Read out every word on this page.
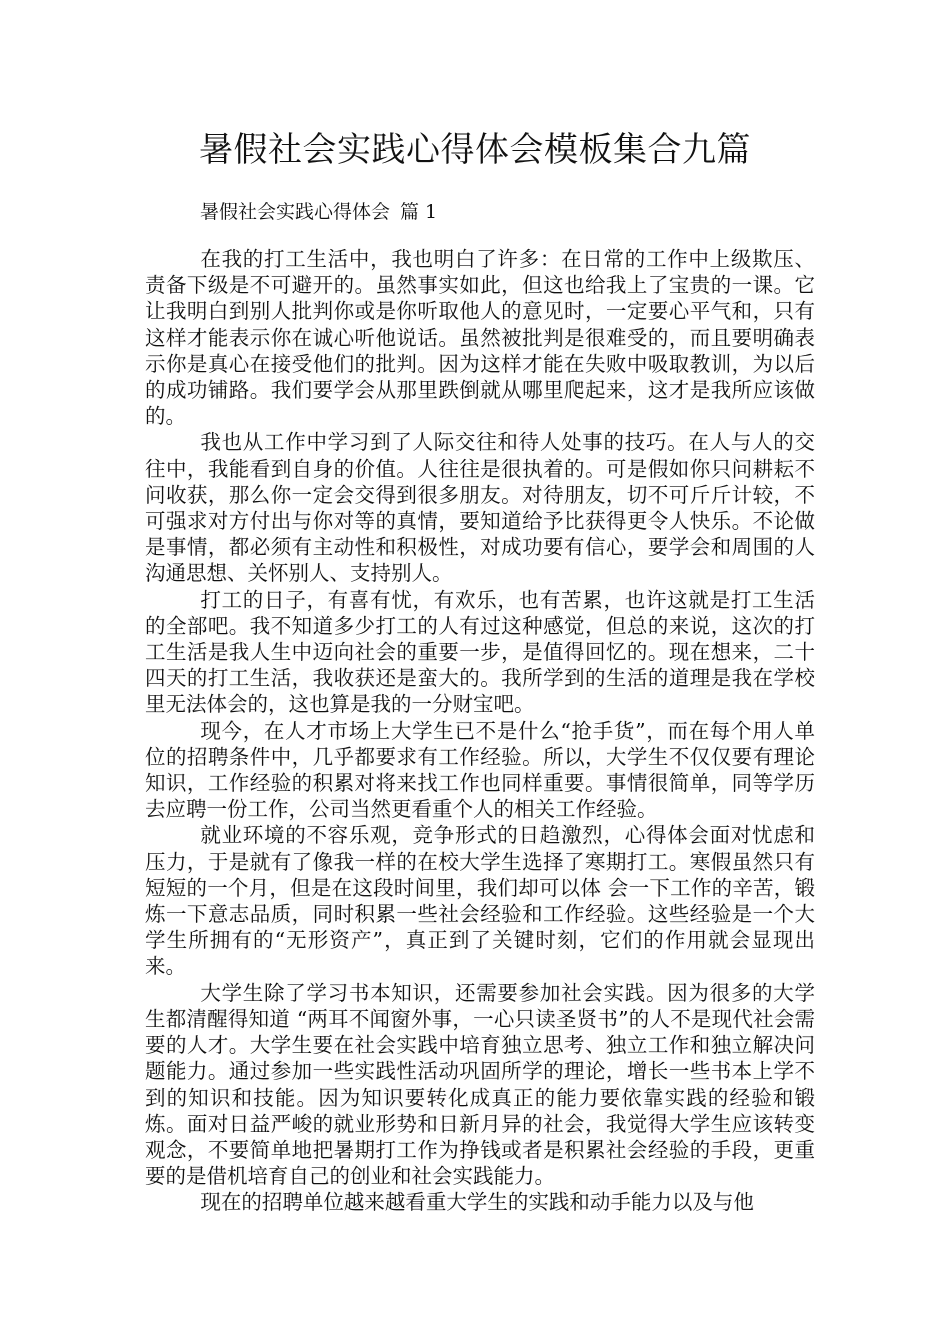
暑假社会实践心得体会模板集合九篇
暑假社会实践心得体会 篇 1

在我的打工生活中，我也明白了许多：在日常的工作中上级欺压、责备下级是不可避开的。虽然事实如此，但这也给我上了宝贵的一课。它让我明白到别人批判你或是你听取他人的意见时，一定要心平气和，只有这样才能表示你在诚心听他说话。虽然被批判是很难受的，而且要明确表示你是真心在接受他们的批判。因为这样才能在失败中吸取教训，为以后的成功铺路。我们要学会从那里跌倒就从哪里爬起来，这才是我所应该做的。

我也从工作中学习到了人际交往和待人处事的技巧。在人与人的交往中，我能看到自身的价值。人往往是很执着的。可是假如你只问耕耘不问收获，那么你一定会交得到很多朋友。对待朋友，切不可斤斤计较，不可强求对方付出与你对等的真情，要知道给予比获得更令人快乐。不论做是事情，都必须有主动性和积极性，对成功要有信心，要学会和周围的人沟通思想、关怀别人、支持别人。

打工的日子，有喜有忧，有欢乐，也有苦累，也许这就是打工生活的全部吧。我不知道多少打工的人有过这种感觉，但总的来说，这次的打工生活是我人生中迈向社会的重要一步，是值得回忆的。现在想来，二十四天的打工生活，我收获还是蛮大的。我所学到的生活的道理是我在学校里无法体会的，这也算是我的一分财宝吧。

现今，在人才市场上大学生已不是什么“抢手货”，而在每个用人单位的招聘条件中，几乎都要求有工作经验。所以，大学生不仅仅要有理论知识，工作经验的积累对将来找工作也同样重要。事情很简单，同等学历去应聘一份工作，公司当然更看重个人的相关工作经验。

就业环境的不容乐观，竞争形式的日趋激烈，心得体会面对忧虑和压力，于是就有了像我一样的在校大学生选择了寒期打工。寒假虽然只有短短的一个月，但是在这段时间里，我们却可以体 会一下工作的辛苦，锻炼一下意志品质，同时积累一些社会经验和工作经验。这些经验是一个大学生所拥有的“无形资产”，真正到了关键时刻，它们的作用就会显现出来。

大学生除了学习书本知识，还需要参加社会实践。因为很多的大学生都清醒得知道 “两耳不闻窗外事，一心只读圣贤书”的人不是现代社会需要的人才。大学生要在社会实践中培育独立思考、独立工作和独立解决问题能力。通过参加一些实践性活动巩固所学的理论，增长一些书本上学不到的知识和技能。因为知识要转化成真正的能力要依靠实践的经验和锻炼。面对日益严峻的就业形势和日新月异的社会，我觉得大学生应该转变观念，不要简单地把暑期打工作为挣钱或者是积累社会经验的手段，更重要的是借机培育自己的创业和社会实践能力。

现在的招聘单位越来越看重大学生的实践和动手能力以及与他
